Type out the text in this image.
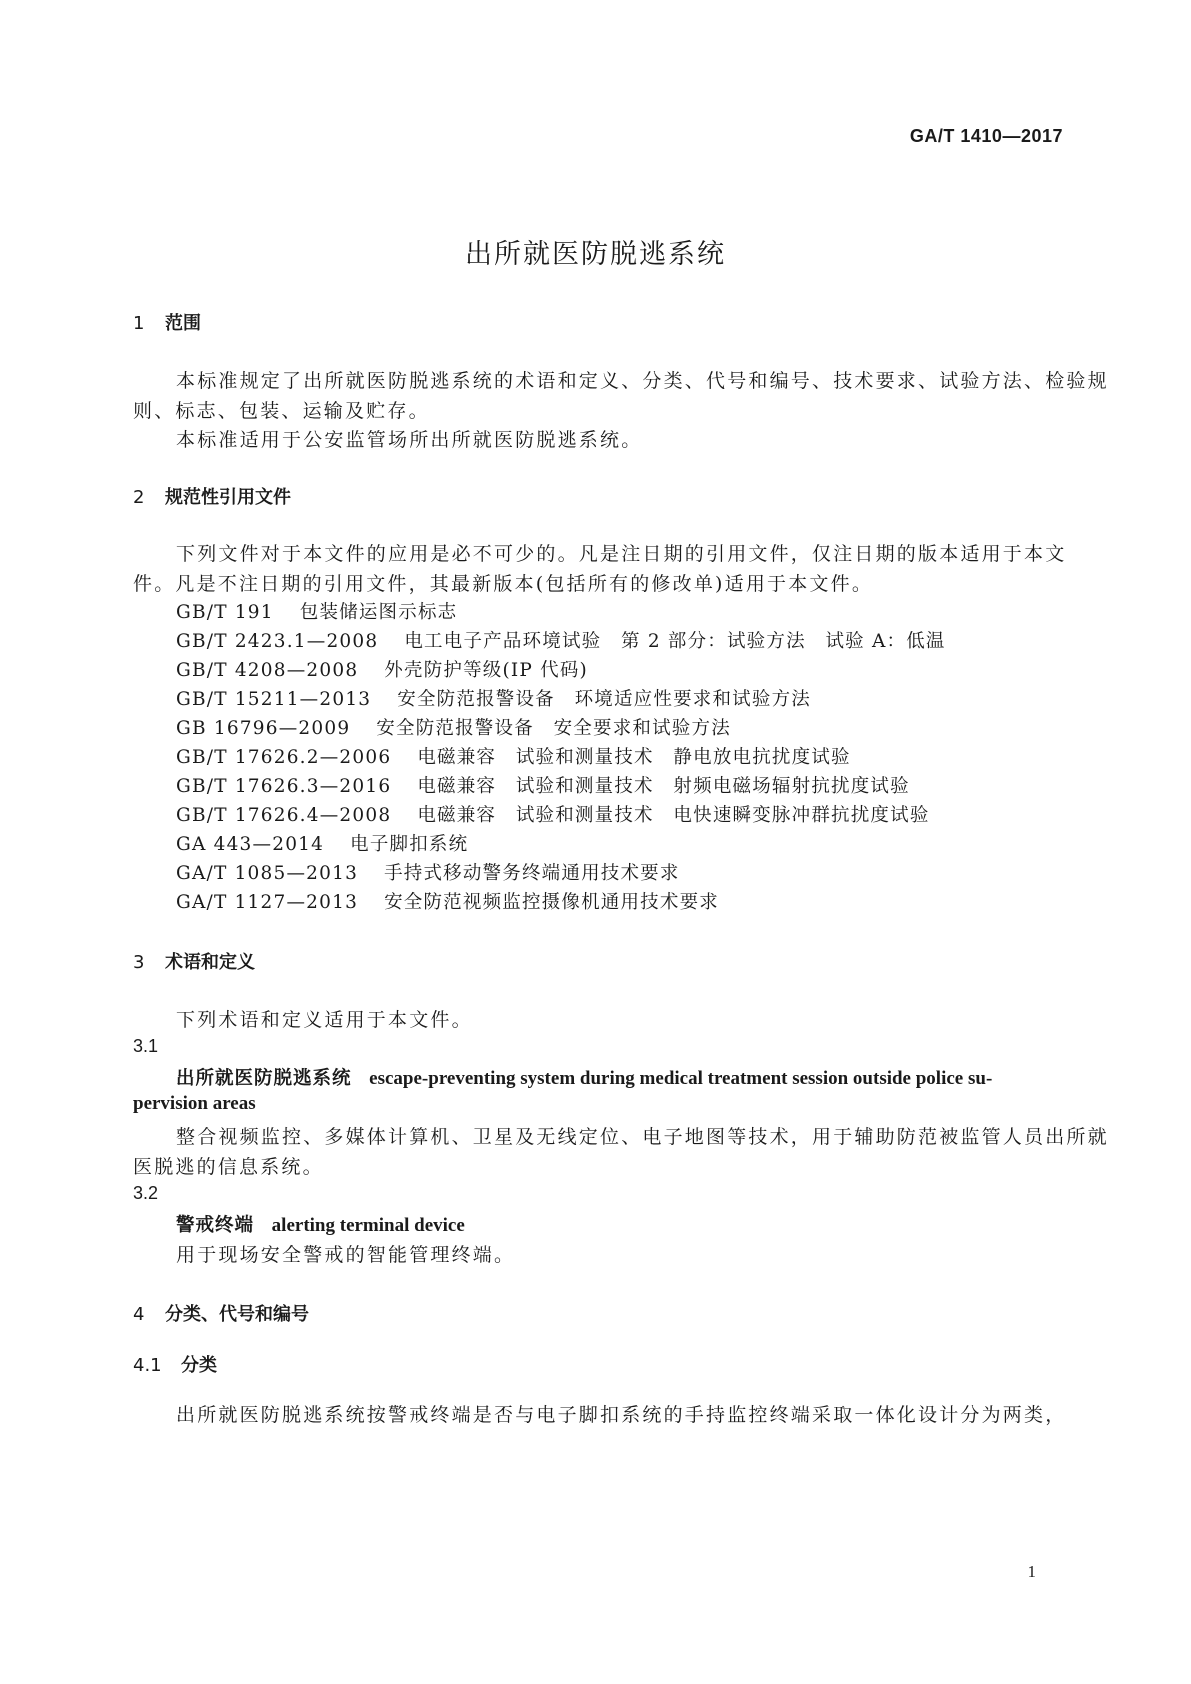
GA/T 1410—2017
出所就医防脱逃系统
1 范围
本标准规定了出所就医防脱逃系统的术语和定义、分类、代号和编号、技术要求、试验方法、检验规
则、标志、包装、运输及贮存。
本标准适用于公安监管场所出所就医防脱逃系统。
2 规范性引用文件
下列文件对于本文件的应用是必不可少的。凡是注日期的引用文件，仅注日期的版本适用于本文
件。凡是不注日期的引用文件，其最新版本(包括所有的修改单)适用于本文件。
GB/T 191 包装储运图示标志
GB/T 2423.1—2008 电工电子产品环境试验　第 2 部分：试验方法　试验 A：低温
GB/T 4208—2008 外壳防护等级(IP 代码)
GB/T 15211—2013 安全防范报警设备　环境适应性要求和试验方法
GB 16796—2009 安全防范报警设备　安全要求和试验方法
GB/T 17626.2—2006 电磁兼容　试验和测量技术　静电放电抗扰度试验
GB/T 17626.3—2016 电磁兼容　试验和测量技术　射频电磁场辐射抗扰度试验
GB/T 17626.4—2008 电磁兼容　试验和测量技术　电快速瞬变脉冲群抗扰度试验
GA 443—2014 电子脚扣系统
GA/T 1085—2013 手持式移动警务终端通用技术要求
GA/T 1127—2013 安全防范视频监控摄像机通用技术要求
3 术语和定义
下列术语和定义适用于本文件。
3.1
出所就医防脱逃系统 escape-preventing system during medical treatment session outside police su-
pervision areas
整合视频监控、多媒体计算机、卫星及无线定位、电子地图等技术，用于辅助防范被监管人员出所就
医脱逃的信息系统。
3.2
警戒终端 alerting terminal device
用于现场安全警戒的智能管理终端。
4 分类、代号和编号
4.1 分类
出所就医防脱逃系统按警戒终端是否与电子脚扣系统的手持监控终端采取一体化设计分为两类，
1
